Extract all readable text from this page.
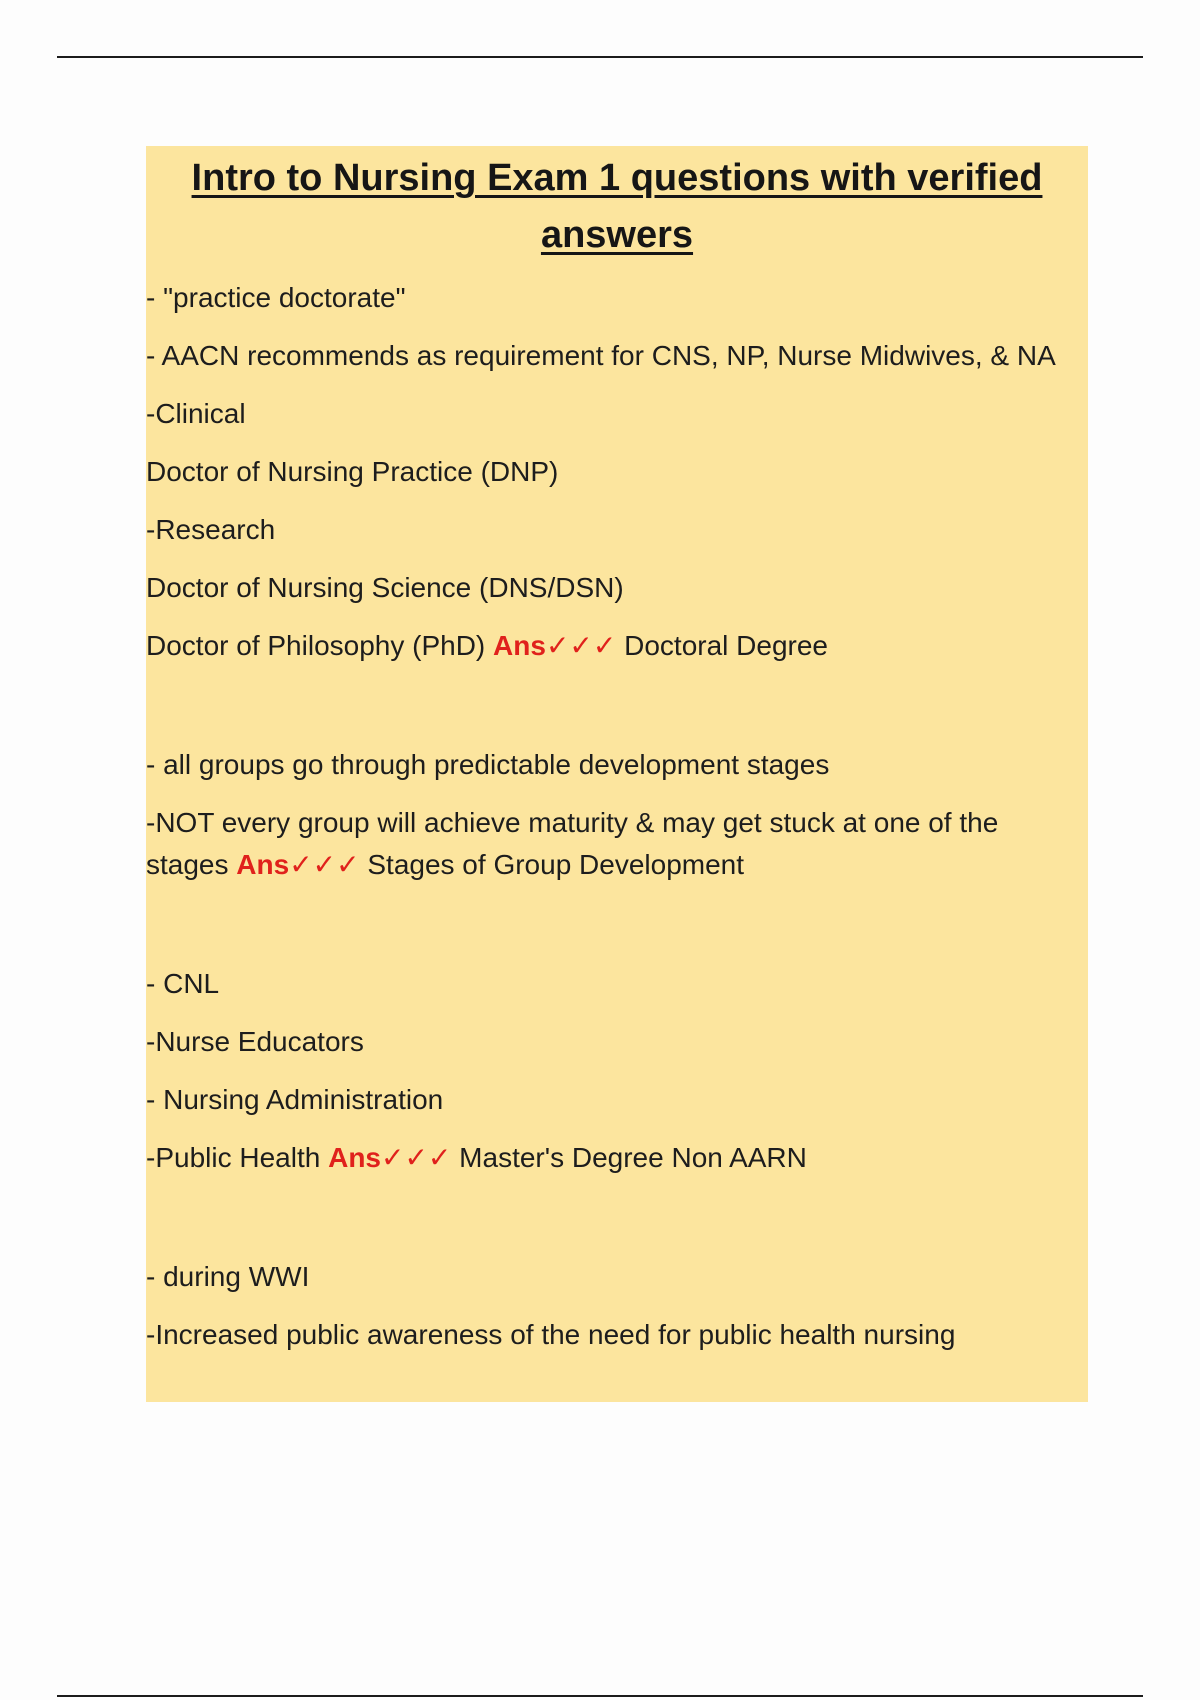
Intro to Nursing Exam 1 questions with verified answers
- "practice doctorate"
- AACN recommends as requirement for CNS, NP, Nurse Midwives, & NA
-Clinical
Doctor of Nursing Practice (DNP)
-Research
Doctor of Nursing Science (DNS/DSN)
Doctor of Philosophy (PhD) Ans✓✓✓ Doctoral Degree
- all groups go through predictable development stages
-NOT every group will achieve maturity & may get stuck at one of the stages Ans✓✓✓ Stages of Group Development
- CNL
-Nurse Educators
- Nursing Administration
-Public Health Ans✓✓✓ Master's Degree Non AARN
- during WWI
-Increased public awareness of the need for public health nursing
